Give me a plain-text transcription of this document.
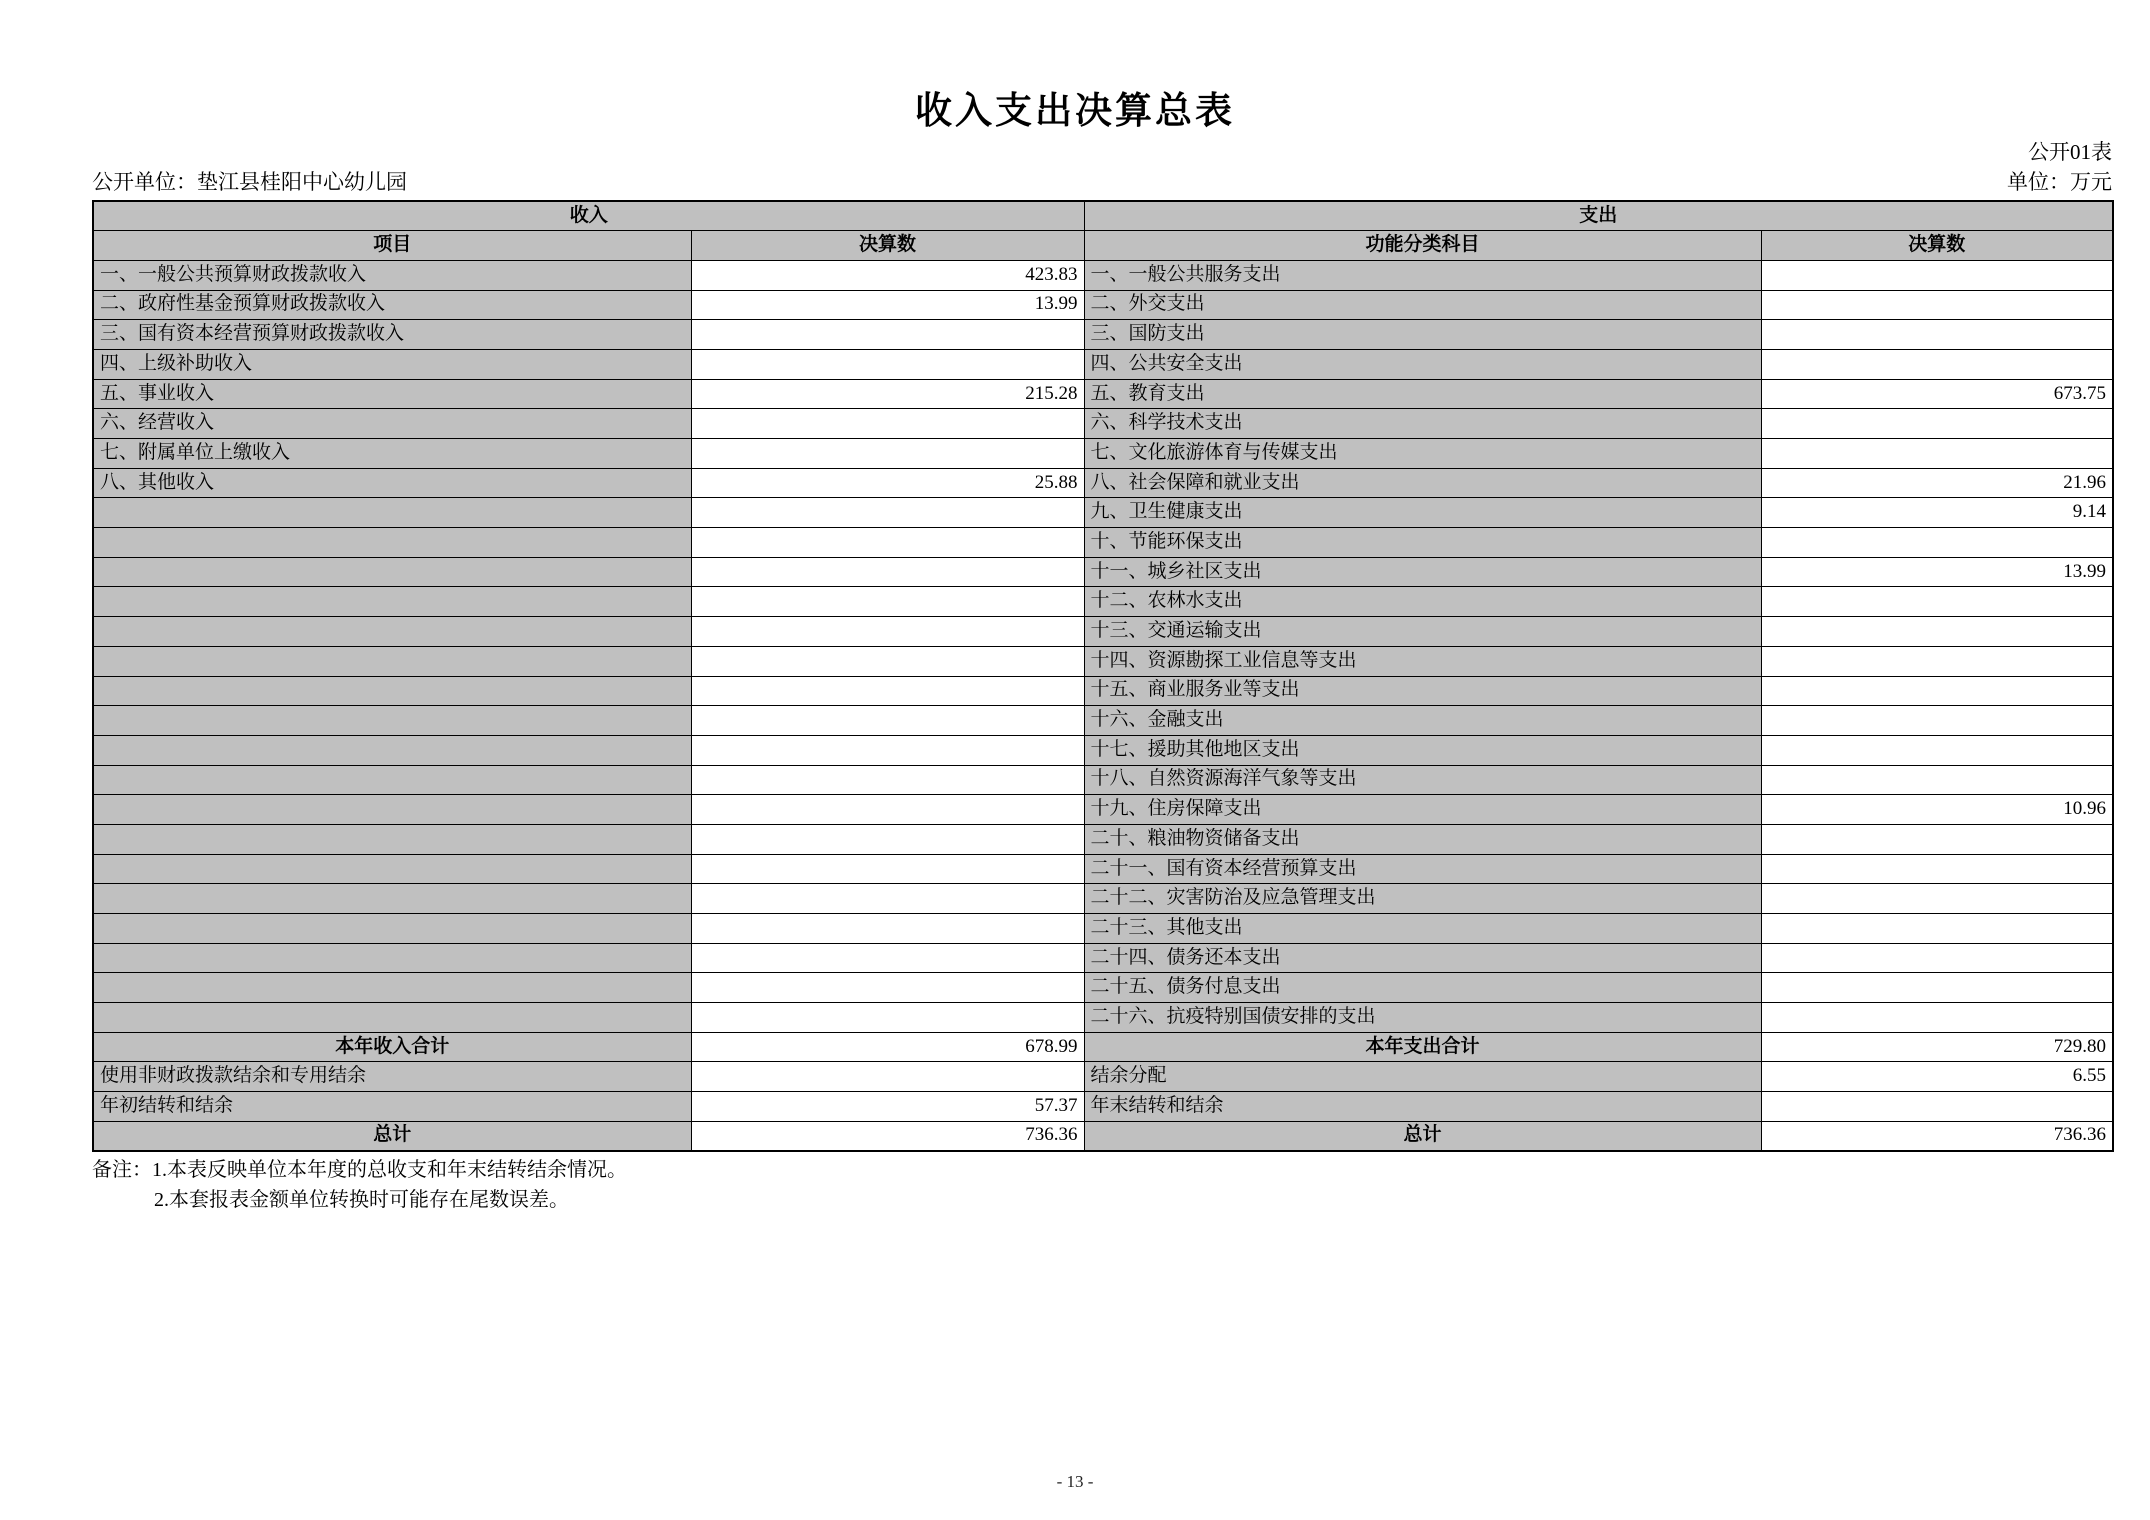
收入支出决算总表
公开01表
公开单位：垫江县桂阳中心幼儿园	单位：万元
收入		支出	
项目	决算数	功能分类科目	决算数
一、一般公共预算财政拨款收入	423.83	一、一般公共服务支出	
二、政府性基金预算财政拨款收入	13.99	二、外交支出	
三、国有资本经营预算财政拨款收入		三、国防支出	
四、上级补助收入		四、公共安全支出	
五、事业收入	215.28	五、教育支出	673.75
六、经营收入		六、科学技术支出	
七、附属单位上缴收入		七、文化旅游体育与传媒支出	
八、其他收入	25.88	八、社会保障和就业支出	21.96
		九、卫生健康支出	9.14
		十、节能环保支出	
		十一、城乡社区支出	13.99
		十二、农林水支出	
		十三、交通运输支出	
		十四、资源勘探工业信息等支出	
		十五、商业服务业等支出	
		十六、金融支出	
		十七、援助其他地区支出	
		十八、自然资源海洋气象等支出	
		十九、住房保障支出	10.96
		二十、粮油物资储备支出	
		二十一、国有资本经营预算支出	
		二十二、灾害防治及应急管理支出	
		二十三、其他支出	
		二十四、债务还本支出	
		二十五、债务付息支出	
		二十六、抗疫特别国债安排的支出	
本年收入合计	678.99	本年支出合计	729.80
使用非财政拨款结余和专用结余		结余分配	6.55
年初结转和结余	57.37	年末结转和结余	
总计	736.36	总计	736.36
备注：1.本表反映单位本年度的总收支和年末结转结余情况。
2.本套报表金额单位转换时可能存在尾数误差。
- 13 -
